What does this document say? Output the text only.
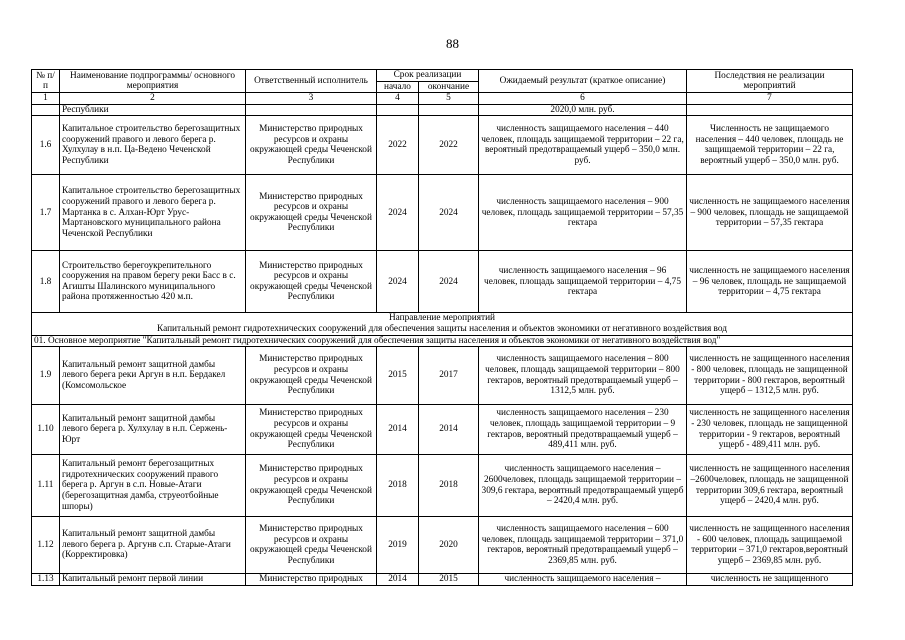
88
№ п/п	Наименование подпрограммы/ основного мероприятия	Ответственный исполнитель	Срок реализации		Ожидаемый результат (краткое описание)	Последствия не реализации мероприятий
			начало	окончание		
1	2	3	4	5	6	7
	Республики				2020,0 млн. руб.	
1.6	Капитальное строительство берегозащитных сооружений правого и левого берега р. Хулхулау в н.п. Ца-Ведено Чеченской Республики	Министерство природных ресурсов и охраны окружающей среды Чеченской Республики	2022	2022	численность защищаемого населения – 440 человек, площадь защищаемой территории – 22 га, вероятный предотвращаемый ущерб – 350,0 млн. руб.	Численность не защищаемого населения – 440 человек, площадь не защищаемой территории – 22 га, вероятный ущерб – 350,0 млн. руб.
1.7	Капитальное строительство берегозащитных сооружений правого и левого берега р. Мартанка в с. Алхан-Юрт Урус-Мартановского муниципального района Чеченской Республики	Министерство природных ресурсов и охраны окружающей среды Чеченской Республики	2024	2024	численность защищаемого населения – 900 человек, площадь защищаемой территории – 57,35 гектара	численность не защищаемого населения – 900 человек, площадь не защищаемой территории – 57,35 гектара
1.8	Строительство берегоукрепительного сооружения на правом берегу реки Басс в с. Агишты Шалинского муниципального района протяженностью 420 м.п.	Министерство природных ресурсов и охраны окружающей среды Чеченской Республики	2024	2024	численность защищаемого населения – 96 человек, площадь защищаемой территории – 4,75 гектара	численность не защищаемого населения – 96 человек, площадь не защищаемой территории – 4,75 гектара

Направление мероприятий
Капитальный ремонт гидротехнических сооружений для обеспечения защиты населения и объектов экономики от негативного воздействия вод						

01. Основное мероприятие "Капитальный ремонт гидротехнических сооружений для обеспечения защиты населения и объектов экономики от негативного воздействия вод"						
1.9	Капитальный ремонт защитной дамбы левого берега реки Аргун в н.п. Бердакел (Комсомольское	Министерство природных ресурсов и охраны окружающей среды Чеченской Республики	2015	2017	численность защищаемого населения – 800 человек, площадь защищаемой территории – 800 гектаров, вероятный предотвращаемый ущерб – 1312,5 млн. руб.	численность не защищенного населения - 800 человек, площадь не защищенной территории - 800 гектаров, вероятный ущерб – 1312,5 млн. руб.
1.10	Капитальный ремонт защитной дамбы левого берега р. Хулхулау в н.п. Сержень-Юрт	Министерство природных ресурсов и охраны окружающей среды Чеченской Республики	2014	2014	численность защищаемого населения – 230 человек, площадь защищаемой территории – 9 гектаров, вероятный предотвращаемый ущерб – 489,411 млн. руб.	численность не защищенного населения - 230 человек, площадь не защищенной территории - 9 гектаров, вероятный ущерб - 489,411 млн. руб.
1.11	Капитальный ремонт берегозащитных гидротехнических сооружений правого берега р. Аргун в с.п. Новые-Атаги (берегозащитная дамба, струеотбойные шпоры)	Министерство природных ресурсов и охраны окружающей среды Чеченской Республики	2018	2018	численность защищаемого населения – 2600человек, площадь защищаемой территории – 309,6 гектара, вероятный предотвращаемый ущерб – 2420,4 млн. руб.	численность не защищенного населения –2600человек, площадь не защищенной территории 309,6 гектара, вероятный ущерб – 2420,4 млн. руб.
1.12	Капитальный ремонт защитной дамбы левого берега р. Аргунв с.п. Старые-Атаги (Корректировка)	Министерство природных ресурсов и охраны окружающей среды Чеченской Республики	2019	2020	численность защищаемого населения – 600 человек, площадь защищаемой территории – 371,0 гектаров, вероятный предотвращаемый ущерб – 2369,85 млн. руб.	численность не защищенного населения - 600 человек, площадь защищаемой территории – 371,0 гектаров,вероятный ущерб – 2369,85 млн. руб.
1.13	Капитальный ремонт первой линии	Министерство природных	2014	2015	численность защищаемого населения –	численность не защищенного
